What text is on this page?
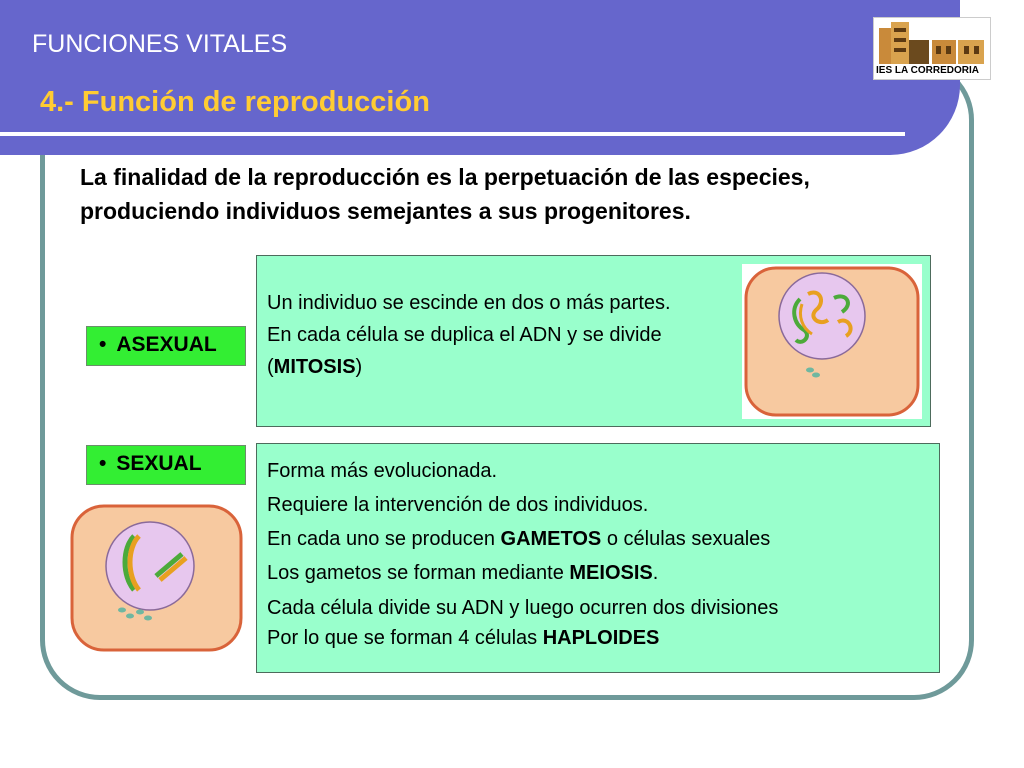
FUNCIONES VITALES
4.- Función de reproducción
IES LA CORREDORIA
La finalidad de la reproducción es la perpetuación de las especies, produciendo individuos semejantes a sus progenitores.
• ASEXUAL

Un individuo se escinde en dos o más partes.

En cada célula se duplica el ADN y se divide (MITOSIS)

• SEXUAL	Forma más evolucionada.

Requiere la intervención de dos individuos.

En cada uno se producen GAMETOS o células sexuales

Los gametos se forman mediante MEIOSIS.

Cada célula divide su ADN y luego ocurren dos divisiones

Por lo que se forman 4 células HAPLOIDES
